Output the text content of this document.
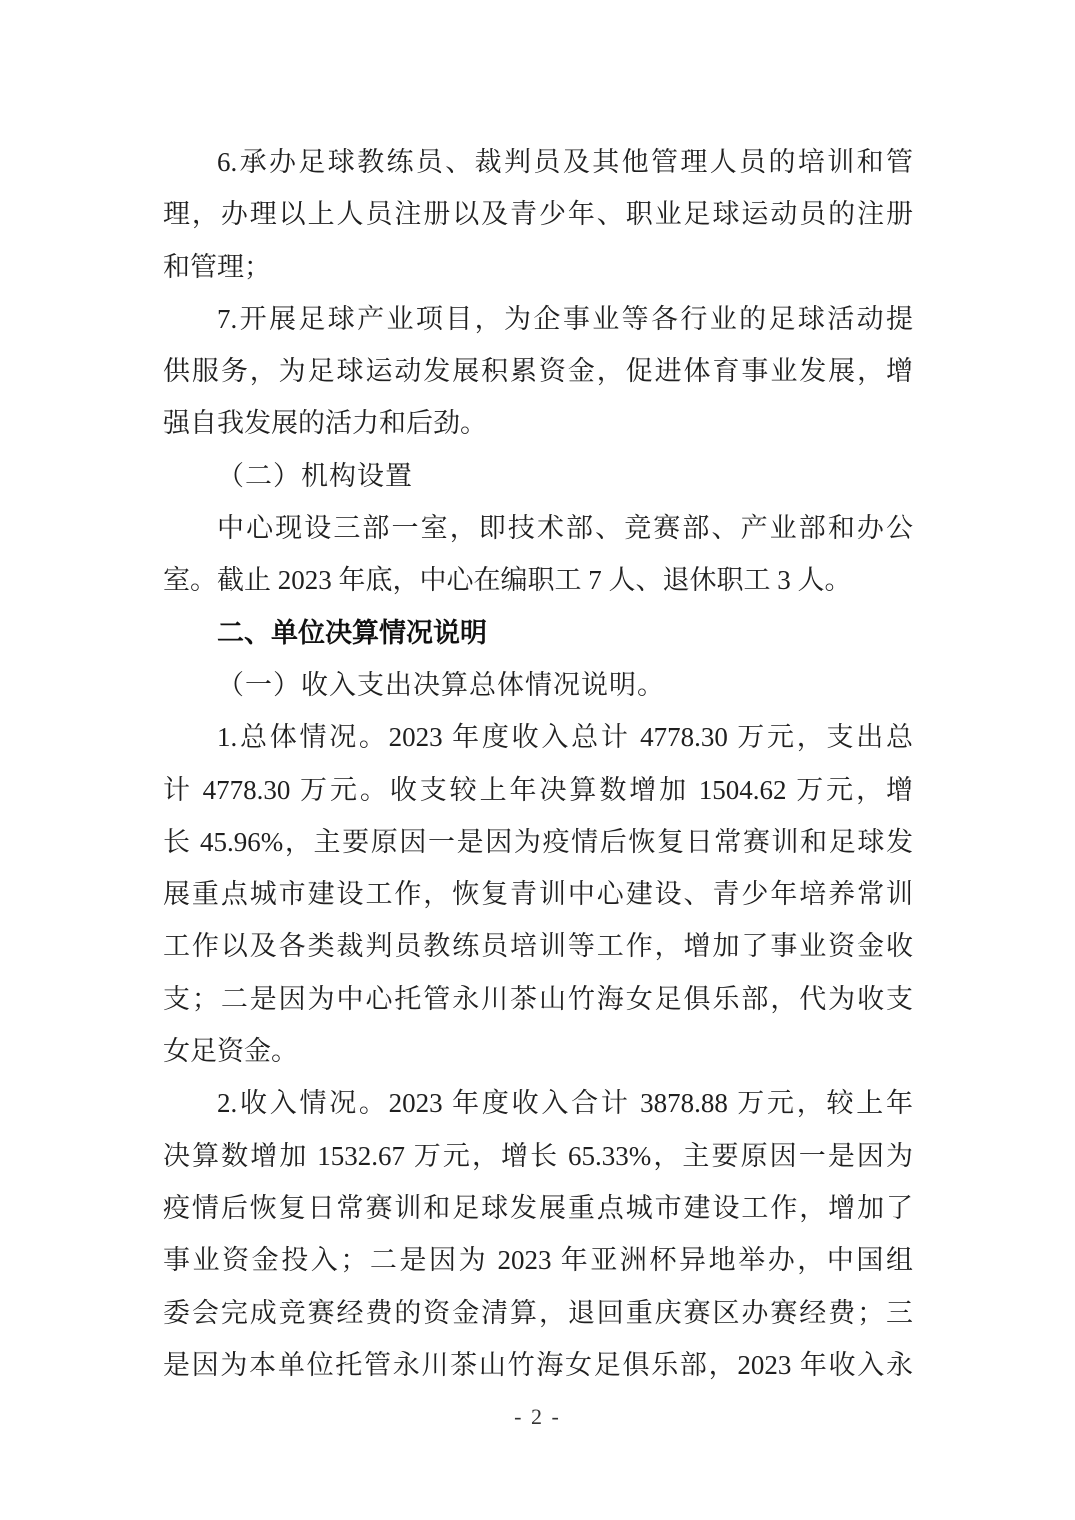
6.承办足球教练员、裁判员及其他管理人员的培训和管
理，办理以上人员注册以及青少年、职业足球运动员的注册
和管理；
7.开展足球产业项目，为企事业等各行业的足球活动提
供服务，为足球运动发展积累资金，促进体育事业发展，增
强自我发展的活力和后劲。
（二）机构设置
中心现设三部一室，即技术部、竞赛部、产业部和办公
室。截止 2023 年底，中心在编职工 7 人、退休职工 3 人。
二、单位决算情况说明
（一）收入支出决算总体情况说明。
1.总体情况。2023 年度收入总计 4778.30 万元，支出总
计 4778.30 万元。收支较上年决算数增加 1504.62 万元，增
长 45.96%，主要原因一是因为疫情后恢复日常赛训和足球发
展重点城市建设工作，恢复青训中心建设、青少年培养常训
工作以及各类裁判员教练员培训等工作，增加了事业资金收
支；二是因为中心托管永川茶山竹海女足俱乐部，代为收支
女足资金。
2.收入情况。2023 年度收入合计 3878.88 万元，较上年
决算数增加 1532.67 万元，增长 65.33%，主要原因一是因为
疫情后恢复日常赛训和足球发展重点城市建设工作，增加了
事业资金投入；二是因为 2023 年亚洲杯异地举办，中国组
委会完成竞赛经费的资金清算，退回重庆赛区办赛经费；三
是因为本单位托管永川茶山竹海女足俱乐部，2023 年收入永
- 2 -
